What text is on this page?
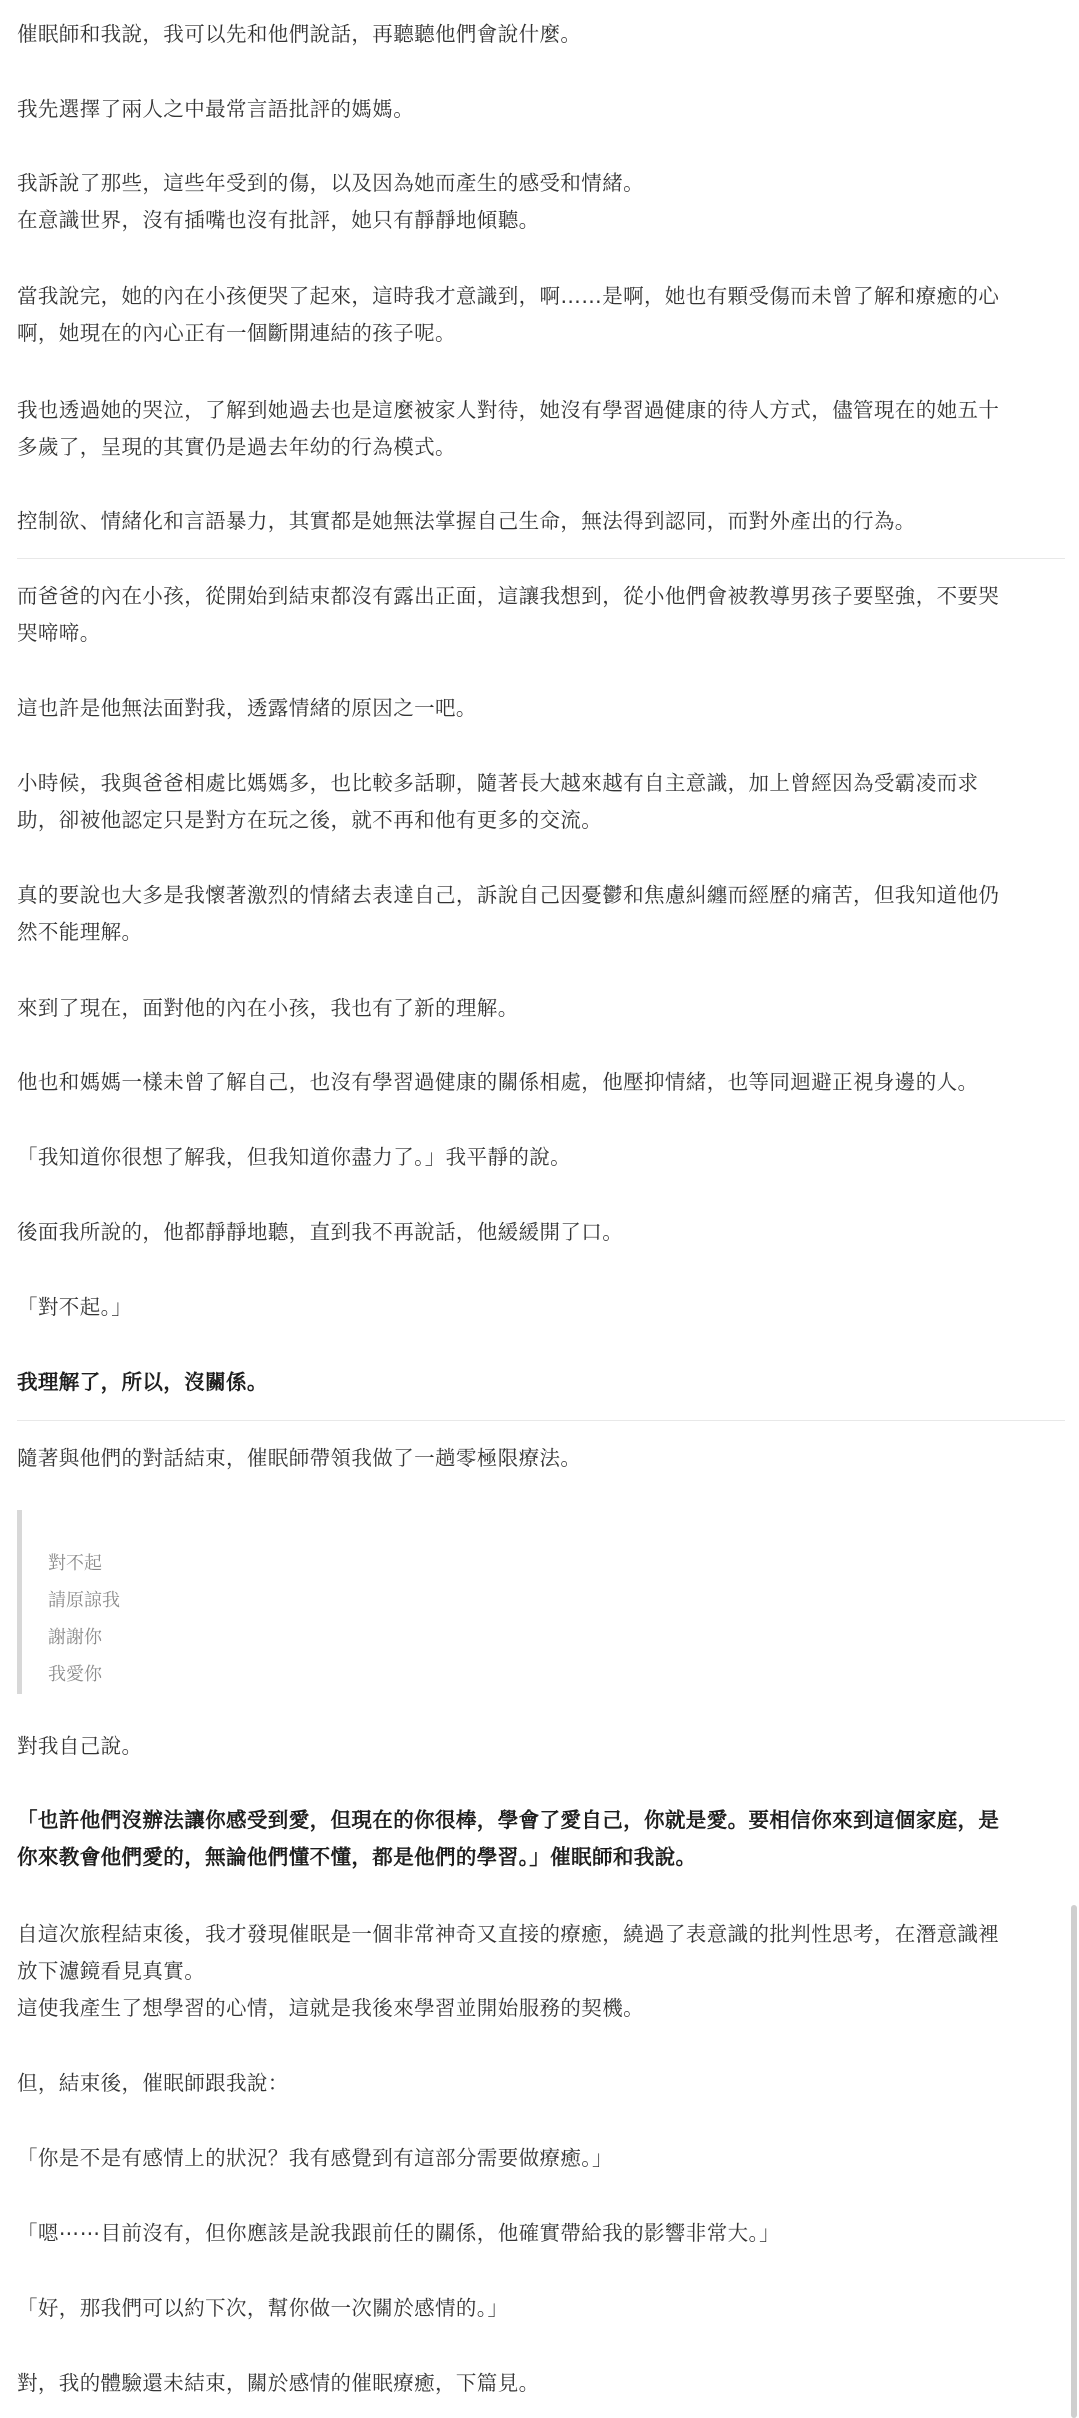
催眠師和我說，我可以先和他們說話，再聽聽他們會說什麼。
我先選擇了兩人之中最常言語批評的媽媽。
我訴說了那些，這些年受到的傷，以及因為她而產生的感受和情緒。
在意識世界，沒有插嘴也沒有批評，她只有靜靜地傾聽。
當我說完，她的內在小孩便哭了起來，這時我才意識到，啊……是啊，她也有顆受傷而未曾了解和療癒的心
啊，她現在的內心正有一個斷開連結的孩子呢。
我也透過她的哭泣，了解到她過去也是這麼被家人對待，她沒有學習過健康的待人方式，儘管現在的她五十
多歲了，呈現的其實仍是過去年幼的行為模式。
控制欲、情緒化和言語暴力，其實都是她無法掌握自己生命，無法得到認同，而對外產出的行為。
而爸爸的內在小孩，從開始到結束都沒有露出正面，這讓我想到，從小他們會被教導男孩子要堅強，不要哭
哭啼啼。
這也許是他無法面對我，透露情緒的原因之一吧。
小時候，我與爸爸相處比媽媽多，也比較多話聊，隨著長大越來越有自主意識，加上曾經因為受霸凌而求
助，卻被他認定只是對方在玩之後，就不再和他有更多的交流。
真的要說也大多是我懷著激烈的情緒去表達自己，訴說自己因憂鬱和焦慮糾纏而經歷的痛苦，但我知道他仍
然不能理解。
來到了現在，面對他的內在小孩，我也有了新的理解。
他也和媽媽一樣未曾了解自己，也沒有學習過健康的關係相處，他壓抑情緒，也等同迴避正視身邊的人。
「我知道你很想了解我，但我知道你盡力了。」我平靜的說。
後面我所說的，他都靜靜地聽，直到我不再說話，他緩緩開了口。
「對不起。」
我理解了，所以，沒關係。
隨著與他們的對話結束，催眠師帶領我做了一趟零極限療法。
對不起
請原諒我
謝謝你
我愛你
對我自己說。
「也許他們沒辦法讓你感受到愛，但現在的你很棒，學會了愛自己，你就是愛。要相信你來到這個家庭，是
你來教會他們愛的，無論他們懂不懂，都是他們的學習。」催眠師和我說。
自這次旅程結束後，我才發現催眠是一個非常神奇又直接的療癒，繞過了表意識的批判性思考，在潛意識裡
放下濾鏡看見真實。
這使我產生了想學習的心情，這就是我後來學習並開始服務的契機。
但，結束後，催眠師跟我說：
「你是不是有感情上的狀況？我有感覺到有這部分需要做療癒。」
「嗯⋯⋯目前沒有，但你應該是說我跟前任的關係，他確實帶給我的影響非常大。」
「好，那我們可以約下次，幫你做一次關於感情的。」
對，我的體驗還未結束，關於感情的催眠療癒，下篇見。
